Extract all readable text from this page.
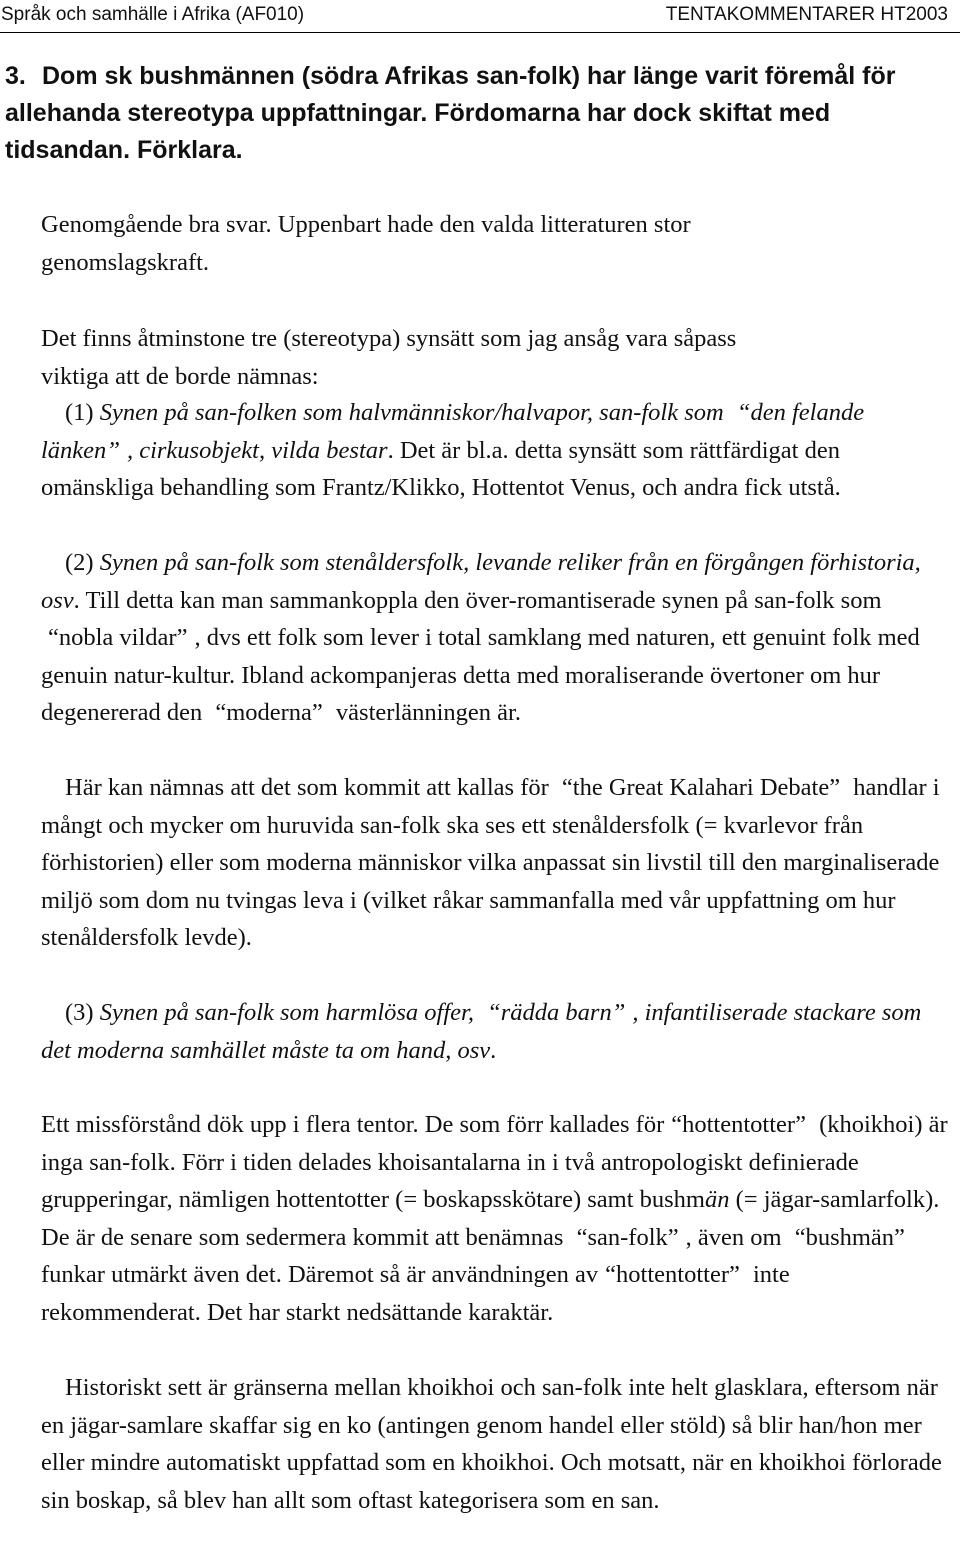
Språk och samhälle i Afrika (AF010)	TENTAKOMMENTARER HT2003
3. Dom sk bushmännen (södra Afrikas san-folk) har länge varit föremål för
allehanda stereotypa uppfattningar. Fördomarna har dock skiftat med
tidsandan. Förklara.

Genomgående bra svar. Uppenbart hade den valda litteraturen stor
genomslagskraft.

Det finns åtminstone tre (stereotypa) synsätt som jag ansåg vara såpass
viktiga att de borde nämnas:

(1) Synen på san-folken som halvmänniskor/halvapor, san-folk som “den felande länken” , cirkusobjekt, vilda bestar. Det är bl.a. detta synsätt som rättfärdigat den omänskliga behandling som Frantz/Klikko, Hottentot Venus, och andra fick utstå.

(2) Synen på san-folk som stenåldersfolk, levande reliker från en förgången förhistoria, osv. Till detta kan man sammankoppla den över-romantiserade synen på san-folk som “nobla vildar” , dvs ett folk som lever i total samklang med naturen, ett genuint folk med genuin natur-kultur. Ibland ackompanjeras detta med moraliserande övertoner om hur degenererad den “moderna” västerlänningen är.

Här kan nämnas att det som kommit att kallas för “the Great Kalahari Debate” handlar i mångt och mycker om huruvida san-folk ska ses ett stenåldersfolk (= kvarlevor från förhistorien) eller som moderna människor vilka anpassat sin livstil till den marginaliserade miljö som dom nu tvingas leva i (vilket råkar sammanfalla med vår uppfattning om hur stenåldersfolk levde).

(3) Synen på san-folk som harmlösa offer, “rädda barn” , infantiliserade stackare som det moderna samhället måste ta om hand, osv.

Ett missförstånd dök upp i flera tentor. De som förr kallades för “hottentotter” (khoikhoi) är inga san-folk. Förr i tiden delades khoisantalarna in i två antropologiskt definierade grupperingar, nämligen hottentotter (= boskapsskötare) samt bushmän (= jägar-samlarfolk). De är de senare som sedermera kommit att benämnas “san-folk” , även om “bushmän” funkar utmärkt även det. Däremot så är användningen av “hottentotter” inte rekommenderat. Det har starkt nedsättande karaktär.

Historiskt sett är gränserna mellan khoikhoi och san-folk inte helt glasklara, eftersom när en jägar-samlare skaffar sig en ko (antingen genom handel eller stöld) så blir han/hon mer eller mindre automatiskt uppfattad som en khoikhoi. Och motsatt, när en khoikhoi förlorade sin boskap, så blev han allt som oftast kategorisera som en san.
